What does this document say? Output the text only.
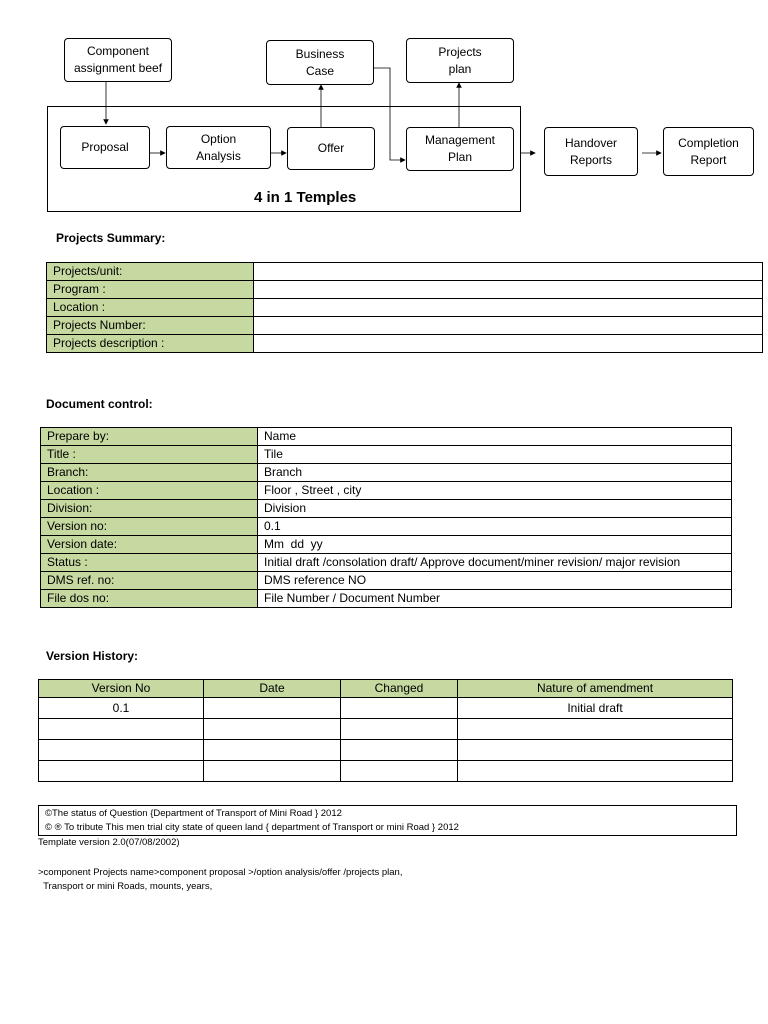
4 in 1 Temples
Component
assignment beef
Business
Case
Projects
plan
Proposal
Option
Analysis
Offer
Management
Plan
Handover
Reports
Completion
Report
Projects Summary:
Projects/unit:	
Program :	
Location :	
Projects Number:	
Projects description :	
Document control:
Prepare by:	Name
Title :	Tile
Branch:	Branch
Location :	Floor , Street , city
Division:	Division
Version no:	0.1
Version date:	Mm  dd  yy
Status :	Initial draft /consolation draft/ Approve document/miner revision/ major revision
DMS ref. no:	DMS reference NO
File dos no:	File Number / Document Number
Version History:
Version No	Date	Changed	Nature of amendment
0.1			Initial draft

©The status of Question {Department of Transport of Mini Road } 2012
© ® To tribute This men trial city state of queen land { department of Transport or mini Road } 2012
Template version 2.0(07/08/2002)
>component Projects name>component proposal >/option analysis/offer /projects plan,
Transport or mini Roads, mounts, years,
